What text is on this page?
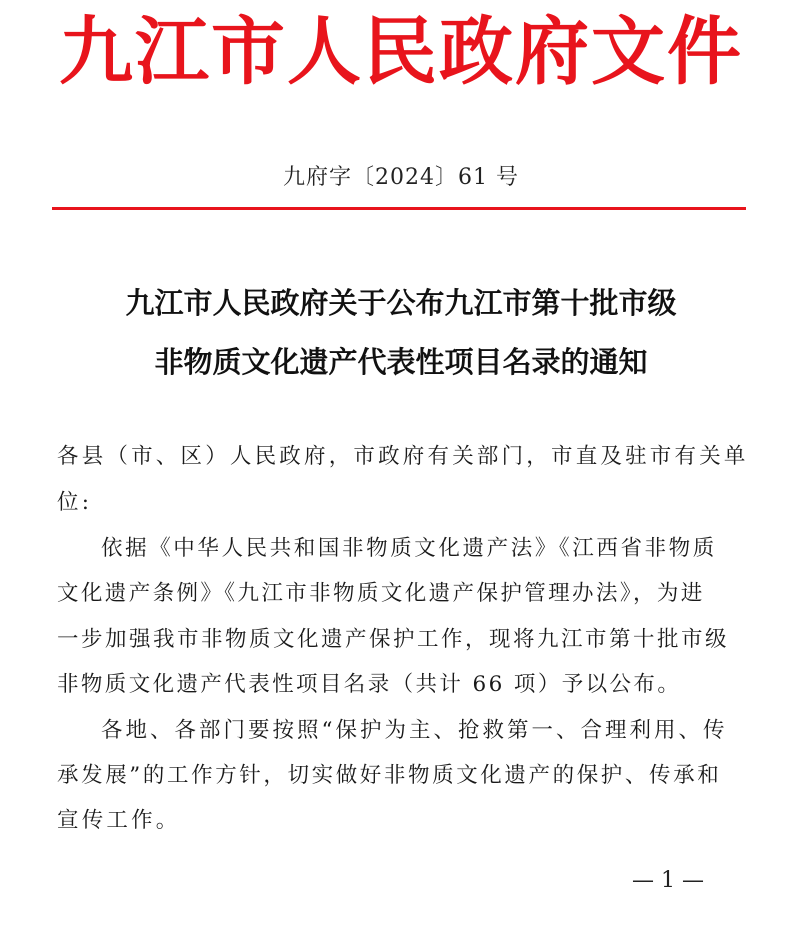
九江市人民政府文件
九府字〔2024〕61 号
九江市人民政府关于公布九江市第十批市级
非物质文化遗产代表性项目名录的通知
各县（市、区）人民政府，市政府有关部门，市直及驻市有关单
位:
依据《中华人民共和国非物质文化遗产法》《江西省非物质
文化遗产条例》《九江市非物质文化遗产保护管理办法》，为进
一步加强我市非物质文化遗产保护工作，现将九江市第十批市级
非物质文化遗产代表性项目名录（共计 66 项）予以公布。
各地、各部门要按照“保护为主、抢救第一、合理利用、传
承发展”的工作方针，切实做好非物质文化遗产的保护、传承和
宣传工作。
— 1 —
